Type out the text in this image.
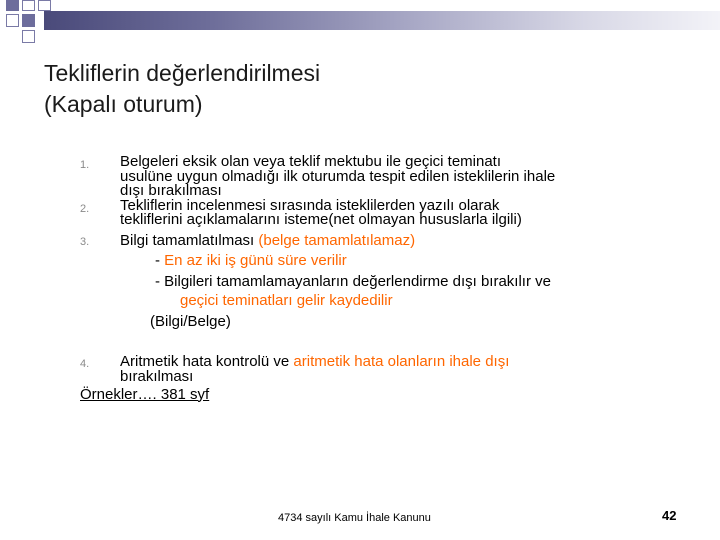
Tekliflerin değerlendirilmesi
(Kapalı oturum)
1. Belgeleri eksik olan veya teklif mektubu ile geçici teminatı
usulüne uygun olmadığı ilk oturumda tespit edilen isteklilerin ihale
dışı bırakılması
2. Tekliflerin incelenmesi sırasında isteklilerden yazılı olarak
tekliflerini açıklamalarını isteme(net olmayan hususlarla ilgili)
3. Bilgi tamamlatılması (belge tamamlatılamaz)
- En az iki iş günü süre verilir
- Bilgileri tamamlamayanların değerlendirme dışı bırakılır ve
geçici teminatları gelir kaydedilir
(Bilgi/Belge)
4. Aritmetik hata kontrolü ve aritmetik hata olanların ihale dışı
bırakılması
Örnekler…. 381 syf
4734 sayılı Kamu İhale Kanunu	42
